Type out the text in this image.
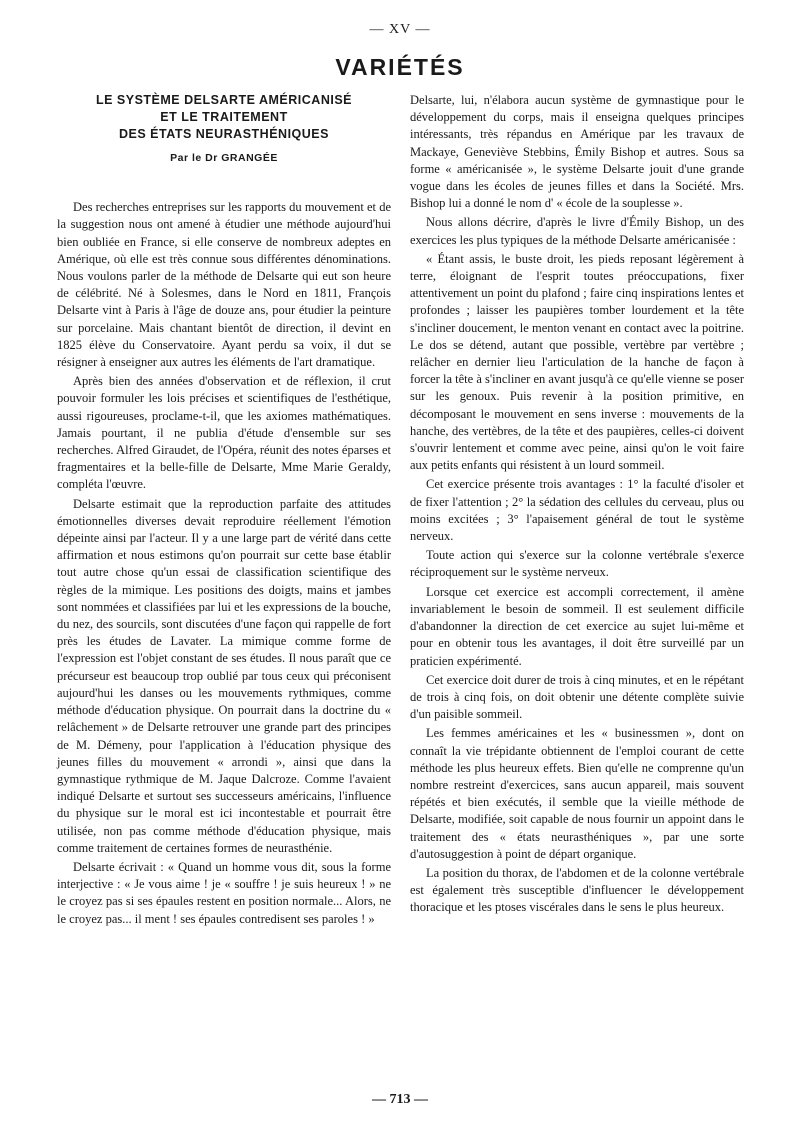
— XV —
VARIÉTÉS
LE SYSTÈME DELSARTE AMÉRICANISÉ
ET LE TRAITEMENT
DES ÉTATS NEURASTHÉNIQUES
Par le Dr GRANGÉE

Des recherches entreprises sur les rapports du mouvement et de la suggestion nous ont amené à étudier une méthode aujourd'hui bien oubliée en France, si elle conserve de nombreux adeptes en Amérique, où elle est très connue sous différentes dénominations. Nous voulons parler de la méthode de Delsarte qui eut son heure de célébrité. Né à Solesmes, dans le Nord en 1811, François Delsarte vint à Paris à l'âge de douze ans, pour étudier la peinture sur porcelaine. Mais chantant bientôt de direction, il devint en 1825 élève du Conservatoire. Ayant perdu sa voix, il dut se résigner à enseigner aux autres les éléments de l'art dramatique.

Après bien des années d'observation et de réflexion, il crut pouvoir formuler les lois précises et scientifiques de l'esthétique, aussi rigoureuses, proclame-t-il, que les axiomes mathématiques. Jamais pourtant, il ne publia d'étude d'ensemble sur ses recherches. Alfred Giraudet, de l'Opéra, réunit des notes éparses et fragmentaires et la belle-fille de Delsarte, Mme Marie Geraldy, compléta l'œuvre.

Delsarte estimait que la reproduction parfaite des attitudes émotionnelles diverses devait reproduire réellement l'émotion dépeinte ainsi par l'acteur. Il y a une large part de vérité dans cette affirmation et nous estimons qu'on pourrait sur cette base établir tout autre chose qu'un essai de classification scientifique des règles de la mimique. Les positions des doigts, mains et jambes sont nommées et classifiées par lui et les expressions de la bouche, du nez, des sourcils, sont discutées d'une façon qui rappelle de fort près les études de Lavater. La mimique comme forme de l'expression est l'objet constant de ses études. Il nous paraît que ce précurseur est beaucoup trop oublié par tous ceux qui préconisent aujourd'hui les danses ou les mouvements rythmiques, comme méthode d'éducation physique. On pourrait dans la doctrine du « relâchement » de Delsarte retrouver une grande part des principes de M. Démeny, pour l'application à l'éducation physique des jeunes filles du mouvement « arrondi », ainsi que dans la gymnastique rythmique de M. Jaque Dalcroze. Comme l'avaient indiqué Delsarte et surtout ses successeurs américains, l'influence du physique sur le moral est ici incontestable et pourrait être utilisée, non pas comme méthode d'éducation physique, mais comme traitement de certaines formes de neurasthénie.

Delsarte écrivait : « Quand un homme vous dit, sous la forme interjective : « Je vous aime ! je « souffre ! je suis heureux ! » ne le croyez pas si ses épaules restent en position normale... Alors, ne le croyez pas... il ment ! ses épaules contredisent ses paroles ! »

Delsarte, lui, n'élabora aucun système de gymnastique pour le développement du corps, mais il enseigna quelques principes intéressants, très répandus en Amérique par les travaux de Mackaye, Geneviève Stebbins, Émily Bishop et autres. Sous sa forme « américanisée », le système Delsarte jouit d'une grande vogue dans les écoles de jeunes filles et dans la Société. Mrs. Bishop lui a donné le nom d' « école de la souplesse ».

Nous allons décrire, d'après le livre d'Émily Bishop, un des exercices les plus typiques de la méthode Delsarte américanisée :

« Étant assis, le buste droit, les pieds reposant légèrement à terre, éloignant de l'esprit toutes préoccupations, fixer attentivement un point du plafond ; faire cinq inspirations lentes et profondes ; laisser les paupières tomber lourdement et la tête s'incliner doucement, le menton venant en contact avec la poitrine. Le dos se détend, autant que possible, vertèbre par vertèbre ; relâcher en dernier lieu l'articulation de la hanche de façon à forcer la tête à s'incliner en avant jusqu'à ce qu'elle vienne se poser sur les genoux. Puis revenir à la position primitive, en décomposant le mouvement en sens inverse : mouvements de la hanche, des vertèbres, de la tête et des paupières, celles-ci doivent s'ouvrir lentement et comme avec peine, ainsi qu'on le voit faire aux petits enfants qui résistent à un lourd sommeil.

Cet exercice présente trois avantages : 1° la faculté d'isoler et de fixer l'attention ; 2° la sédation des cellules du cerveau, plus ou moins excitées ; 3° l'apaisement général de tout le système nerveux.

Toute action qui s'exerce sur la colonne vertébrale s'exerce réciproquement sur le système nerveux.

Lorsque cet exercice est accompli correctement, il amène invariablement le besoin de sommeil. Il est seulement difficile d'abandonner la direction de cet exercice au sujet lui-même et pour en obtenir tous les avantages, il doit être surveillé par un praticien expérimenté.

Cet exercice doit durer de trois à cinq minutes, et en le répétant de trois à cinq fois, on doit obtenir une détente complète suivie d'un paisible sommeil.

Les femmes américaines et les « businessmen », dont on connaît la vie trépidante obtiennent de l'emploi courant de cette méthode les plus heureux effets. Bien qu'elle ne comprenne qu'un nombre restreint d'exercices, sans aucun appareil, mais souvent répétés et bien exécutés, il semble que la vieille méthode de Delsarte, modifiée, soit capable de nous fournir un appoint dans le traitement des « états neurasthéniques », par une sorte d'autosuggestion à point de départ organique.

La position du thorax, de l'abdomen et de la colonne vertébrale est également très susceptible d'influencer le développement thoracique et les ptoses viscérales dans le sens le plus heureux.

— 713 —
